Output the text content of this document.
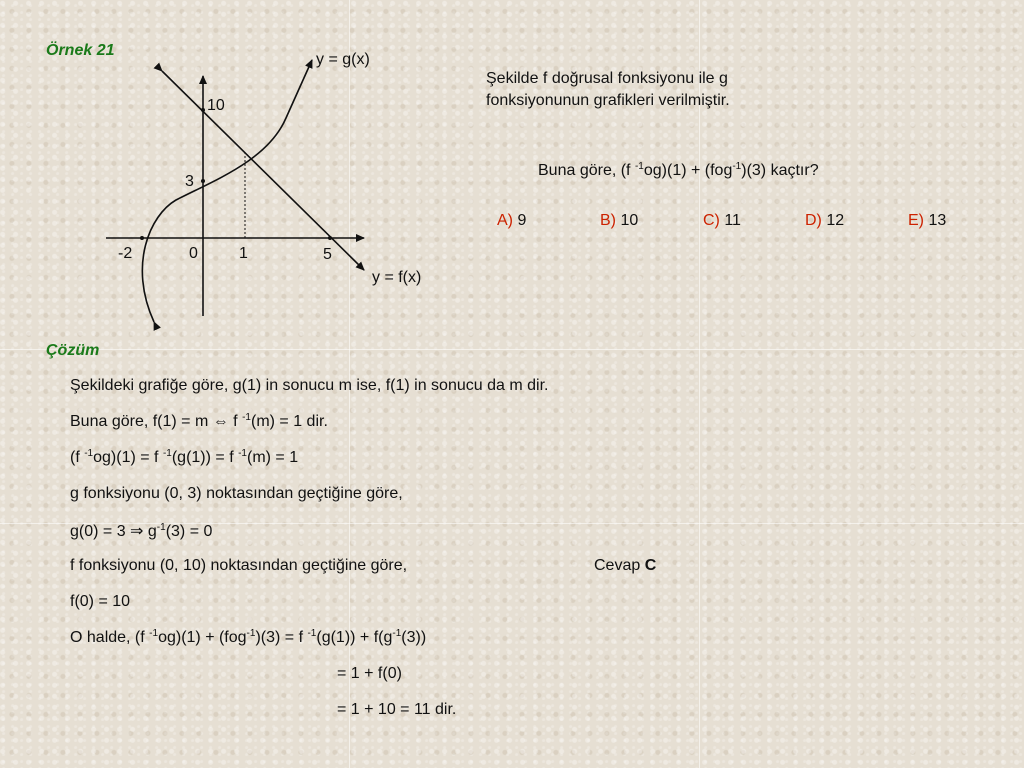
Örnek 21
y = g(x)
y = f(x)
10
3
-2	0	1	5
Şekilde f doğrusal fonksiyonu ile g
fonksiyonunun grafikleri verilmiştir.
Buna göre, (f $^{-1}$og)(1) + (fog$^{-1}$)(3) kaçtır?
A) 9	B) 10	C) 11	D) 12	E) 13
Çözüm
Şekildeki grafiğe göre, g(1) in sonucu m ise, f(1) in sonucu da m dir.
Buna göre, f(1) = m ⇔ f $^{-1}$(m) = 1 dir.
(f $^{-1}$og)(1) = f $^{-1}$(g(1)) = f $^{-1}$(m) = 1
g fonksiyonu (0, 3) noktasından geçtiğine göre,
g(0) = 3 ⇒ $g^{-1}(3) = 0$
f fonksiyonu (0, 10) noktasından geçtiğine göre,
f(0) = 10
O halde, (f $^{-1}$og)(1) + (fog$^{-1}$)(3) = f $^{-1}(g(1)) + f(g^{-1}(3))$
= 1 + f(0)
= 1 + 10 = 11 dir.
Cevap C
